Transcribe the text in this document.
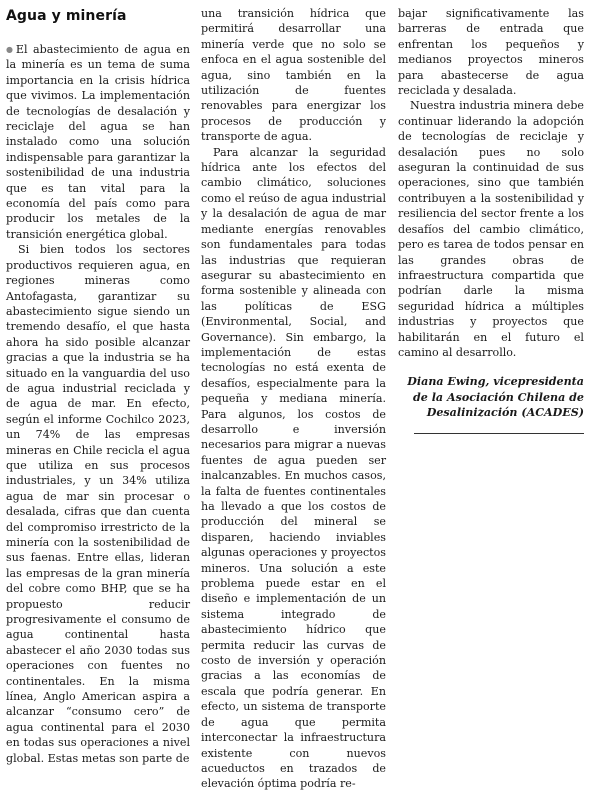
Agua y minería

●El abastecimiento de agua en la minería es un tema de suma importancia en la crisis hídrica que vivimos. La implementación de tecnologías de desalación y reciclaje del agua se han instalado como una solución indispensable para garantizar la sostenibilidad de una industria que es tan vital para la economía del país como para producir los metales de la transición energética global.

Si bien todos los sectores productivos requieren agua, en regiones mineras como Antofagasta, garantizar su abastecimiento sigue siendo un tremendo desafío, el que hasta ahora ha sido posible alcanzar gracias a que la industria se ha situado en la vanguardia del uso de agua industrial reciclada y de agua de mar. En efecto, según el informe Cochilco 2023, un 74% de las empresas mineras en Chile recicla el agua que utiliza en sus procesos industriales, y un 34% utiliza agua de mar sin procesar o desalada, cifras que dan cuenta del compromiso irrestricto de la minería con la sostenibilidad de sus faenas. Entre ellas, lideran las empresas de la gran minería del cobre como BHP, que se ha propuesto reducir progresivamente el consumo de agua continental hasta abastecer el año 2030 todas sus operaciones con fuentes no continentales. En la misma línea, Anglo American aspira a alcanzar “consumo cero” de agua continental para el 2030 en todas sus operaciones a nivel global. Estas metas son parte de

una transición hídrica que permitirá desarrollar una minería verde que no solo se enfoca en el agua sostenible del agua, sino también en la utilización de fuentes renovables para energizar los procesos de producción y transporte de agua.

Para alcanzar la seguridad hídrica ante los efectos del cambio climático, soluciones como el reúso de agua industrial y la desalación de agua de mar mediante energías renovables son fundamentales para todas las industrias que requieran asegurar su abastecimiento en forma sostenible y alineada con las políticas de ESG (Environmental, Social, and Governance). Sin embargo, la implementación de estas tecnologías no está exenta de desafíos, especialmente para la pequeña y mediana minería. Para algunos, los costos de desarrollo e inversión necesarios para migrar a nuevas fuentes de agua pueden ser inalcanzables. En muchos casos, la falta de fuentes continentales ha llevado a que los costos de producción del mineral se disparen, haciendo inviables algunas operaciones y proyectos mineros. Una solución a este problema puede estar en el diseño e implementación de un sistema integrado de abastecimiento hídrico que permita reducir las curvas de costo de inversión y operación gracias a las economías de escala que podría generar. En efecto, un sistema de transporte de agua que permita interconectar la infraestructura existente con nuevos acueductos en trazados de elevación óptima podría re-

bajar significativamente las barreras de entrada que enfrentan los pequeños y medianos proyectos mineros para abastecerse de agua reciclada y desalada.

Nuestra industria minera debe continuar liderando la adopción de tecnologías de reciclaje y desalación pues no solo aseguran la continuidad de sus operaciones, sino que también contribuyen a la sostenibilidad y resiliencia del sector frente a los desafíos del cambio climático, pero es tarea de todos pensar en las grandes obras de infraestructura compartida que podrían darle la misma seguridad hídrica a múltiples industrias y proyectos que habilitarán en el futuro el camino al desarrollo.

Diana Ewing, vicepresidenta de la Asociación Chilena de Desalinización (ACADES)
